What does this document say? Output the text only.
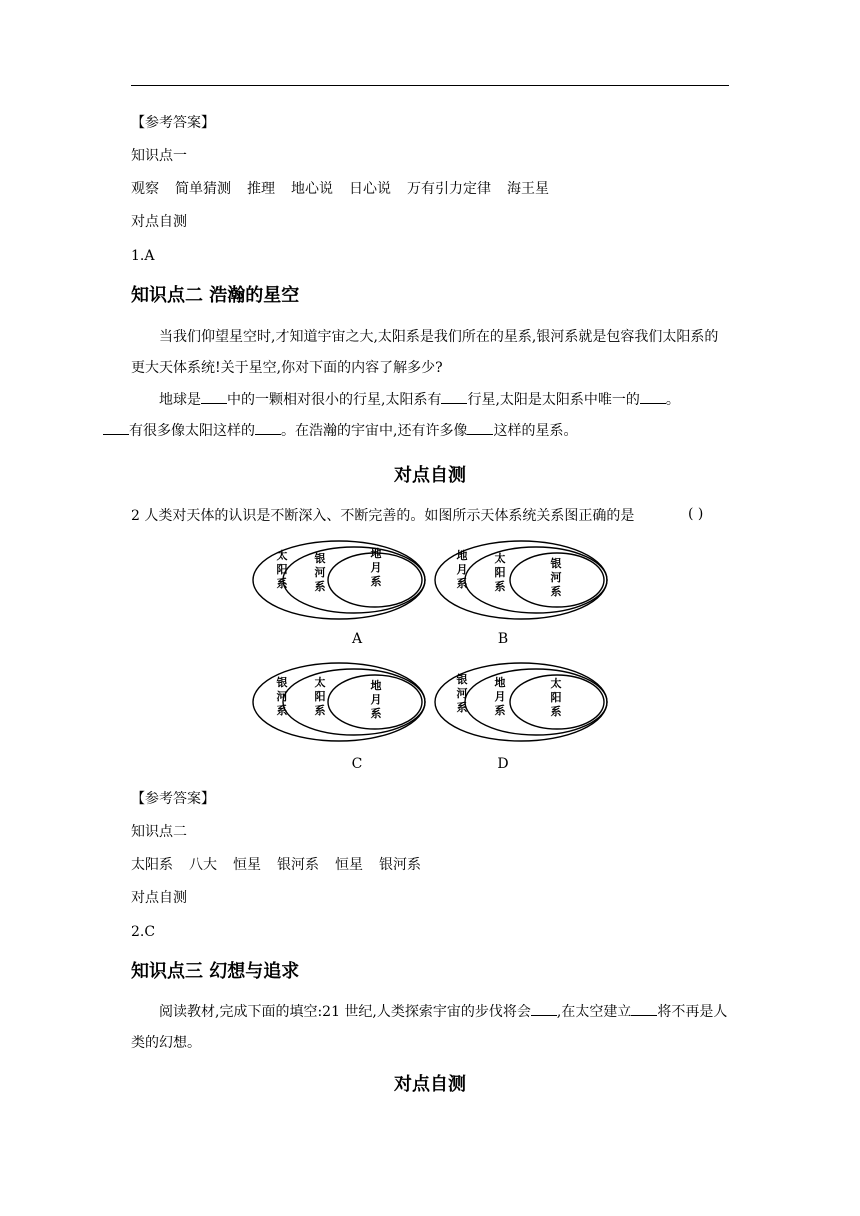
【参考答案】
知识点一
观察 简单猜测 推理 地心说 日心说 万有引力定律 海王星
对点自测
1.A
知识点二 浩瀚的星空
当我们仰望星空时,才知道宇宙之大,太阳系是我们所在的星系,银河系就是包容我们太阳系的更大天体系统!关于星空,你对下面的内容了解多少?
地球是 中的一颗相对很小的行星,太阳系有 行星,太阳是太阳系中唯一的 。
有很多像太阳这样的 。在浩瀚的宇宙中,还有许多像 这样的星系。
对点自测
2 人类对天体的认识是不断深入、不断完善的。如图所示天体系统关系图正确的是	( )
太阳系
银河系
地月系
地月系
太阳系
银河系
A	B
银河系
太阳系
地月系
银河系
地月系
太阳系
C	D
【参考答案】
知识点二
太阳系 八大 恒星 银河系 恒星 银河系
对点自测
2.C
知识点三 幻想与追求
阅读教材,完成下面的填空:21 世纪,人类探索宇宙的步伐将会 ,在太空建立 将不再是人类的幻想。
对点自测
